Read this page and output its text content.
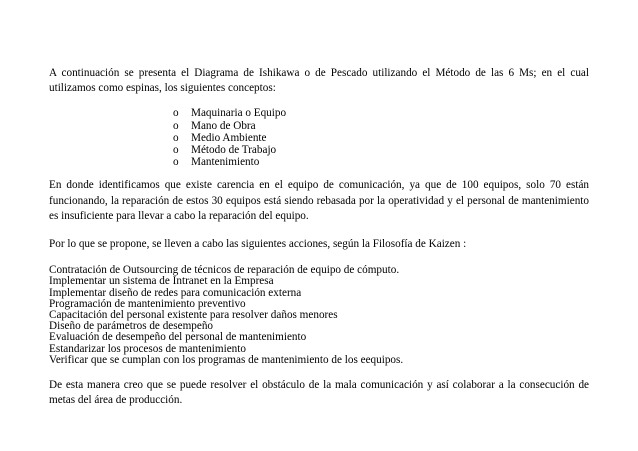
A continuación se presenta el Diagrama de Ishikawa o de Pescado utilizando el Método de las 6 Ms; en el cual utilizamos como espinas, los siguientes conceptos:

o Maquinaria o Equipo
o Mano de Obra
o Medio Ambiente
o Método de Trabajo
o Mantenimiento

En donde identificamos que existe carencia en el equipo de comunicación, ya que de 100 equipos, solo 70 están funcionando, la reparación de estos 30 equipos está siendo rebasada por la operatividad y el personal de mantenimiento es insuficiente para llevar a cabo la reparación del equipo.

Por lo que se propone, se lleven a cabo las siguientes acciones, según la Filosofía de Kaizen :

Contratación de Outsourcing de técnicos de reparación de equipo de cómputo.

Implementar un sistema de Intranet en la Empresa

Implementar diseño de redes para comunicación externa

Programación de mantenimiento preventivo

Capacitación del personal existente para resolver daños menores

Diseño de parámetros de desempeño

Evaluación de desempeño del personal de mantenimiento

Estandarizar los procesos de mantenimiento

Verificar que se cumplan con los programas de mantenimiento de los eequipos.

De esta manera creo que se puede resolver el obstáculo de la mala comunicación y así colaborar a la consecución de metas del área de producción.
